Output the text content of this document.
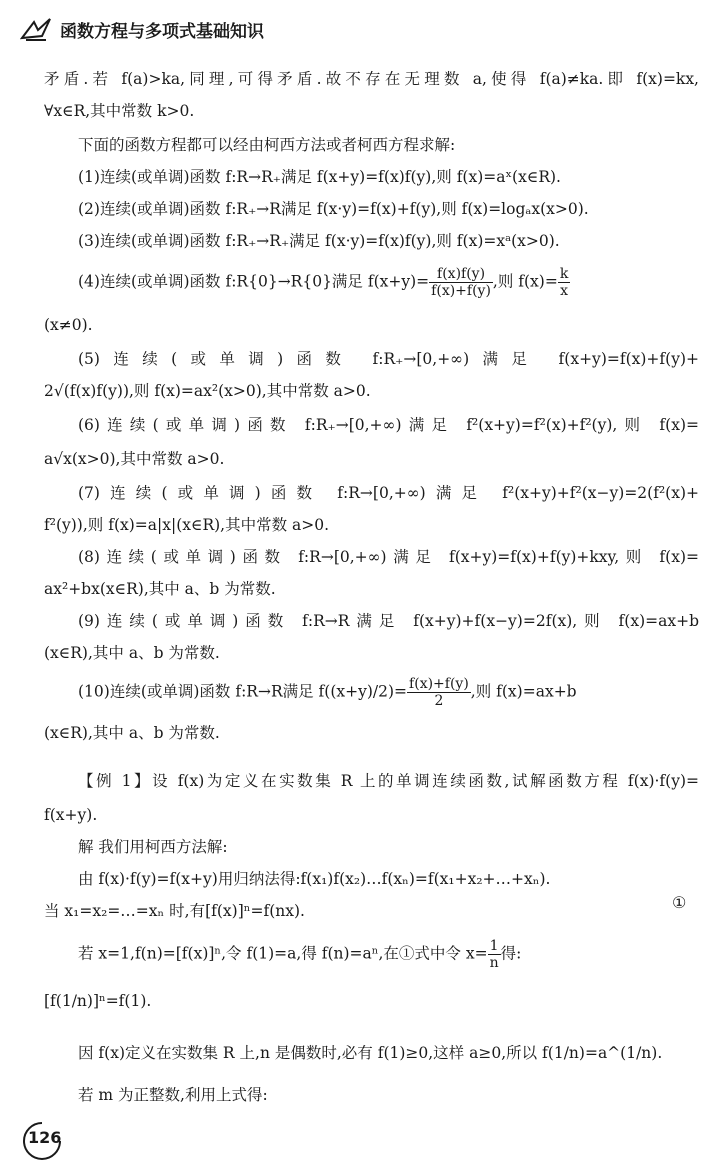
函数方程与多项式基础知识
矛盾.若 f(a)>ka,同理,可得矛盾.故不存在无理数 a,使得 f(a)≠ka.即 f(x)=kx,
∀x∈R,其中常数 k>0.
下面的函数方程都可以经由柯西方法或者柯西方程求解:
(1)连续(或单调)函数 f:R→R₊满足 f(x+y)=f(x)f(y),则 f(x)=aˣ(x∈R).
(2)连续(或单调)函数 f:R₊→R满足 f(x·y)=f(x)+f(y),则 f(x)=logₐx(x>0).
(3)连续(或单调)函数 f:R₊→R₊满足 f(x·y)=f(x)f(y),则 f(x)=xᵃ(x>0).
(4)连续(或单调)函数 f:R{0}→R{0}满足 $f(x+y)= \frac{f(x)f(y)}{f(x)+f(y)}$ ,则 $f(x)= \frac{k}{x}$
(x≠0).
(5)连续(或单调)函数 f:R₊→[0,+∞)满足 f(x+y)=f(x)+f(y)+
2√(f(x)f(y)),则 f(x)=ax²(x>0),其中常数 a>0.
(6)连续(或单调)函数 f:R₊→[0,+∞)满足 f²(x+y)=f²(x)+f²(y),则 f(x)=
a√x(x>0),其中常数 a>0.
(7)连续(或单调)函数 f:R→[0,+∞)满足 f²(x+y)+f²(x−y)=2(f²(x)+
f²(y)),则 f(x)=a|x|(x∈R),其中常数 a>0.
(8)连续(或单调)函数 f:R→[0,+∞)满足 f(x+y)=f(x)+f(y)+kxy,则 f(x)=
ax²+bx(x∈R),其中 a、b 为常数.
(9)连续(或单调)函数 f:R→R满足 f(x+y)+f(x−y)=2f(x),则 f(x)=ax+b
(x∈R),其中 a、b 为常数.
(10)连续(或单调)函数 f:R→R满足 $f((x+y)/2)= \frac{f(x)+f(y)}{2}$ ,则 f(x)=ax+b
(x∈R),其中 a、b 为常数.
【例 1】设 f(x)为定义在实数集 R 上的单调连续函数,试解函数方程 f(x)·f(y)=
f(x+y).
解 我们用柯西方法解:
由 f(x)·f(y)=f(x+y)用归纳法得:f(x₁)f(x₂)…f(xₙ)=f(x₁+x₂+…+xₙ).
当 x₁=x₂=…=xₙ 时,有[f(x)]ⁿ=f(nx).	①
若 x=1,f(n)=[f(x)]ⁿ,令 f(1)=a,得 f(n)=aⁿ,在①式中令 $x= \frac{1}{n}$ 得:
[f(1/n)]ⁿ=f(1).
因 f(x)定义在实数集 R 上,n 是偶数时,必有 f(1)≥0,这样 a≥0,所以 f(1/n)=a^(1/n).
若 m 为正整数,利用上式得:
126
